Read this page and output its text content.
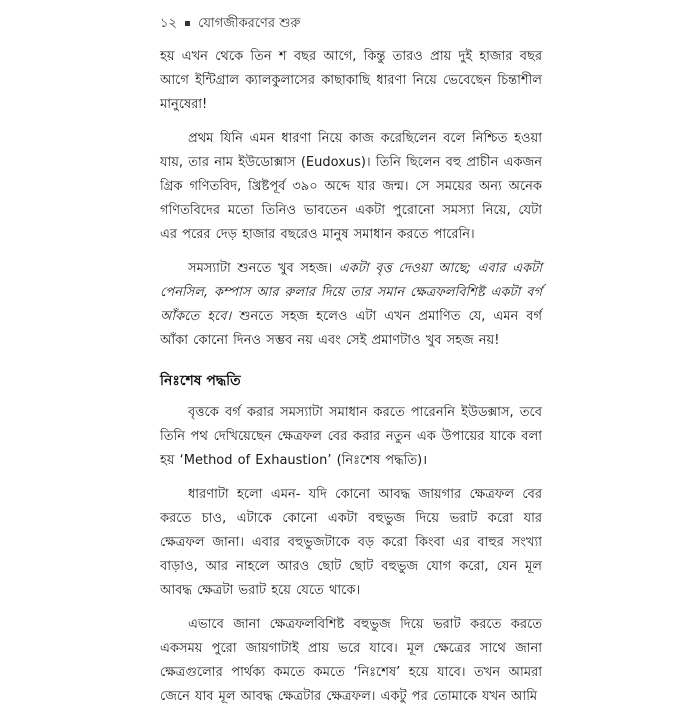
১২ যোগজীকরণের শুরু

হয় এখন থেকে তিন শ বছর আগে, কিন্তু তারও প্রায় দুই হাজার বছর আগে ইন্টিগ্রাল ক্যালকুলাসের কাছাকাছি ধারণা নিয়ে ভেবেছেন চিন্তাশীল মানুষেরা!

প্রথম যিনি এমন ধারণা নিয়ে কাজ করেছিলেন বলে নিশ্চিত হওয়া যায়, তার নাম ইউডোক্সাস (Eudoxus)। তিনি ছিলেন বহু প্রাচীন একজন গ্রিক গণিতবিদ, খ্রিষ্টপূর্ব ৩৯০ অব্দে যার জন্ম। সে সময়ের অন্য অনেক গণিতবিদের মতো তিনিও ভাবতেন একটা পুরোনো সমস্যা নিয়ে, যেটা এর পরের দেড় হাজার বছরেও মানুষ সমাধান করতে পারেনি।

সমস্যাটা শুনতে খুব সহজ। একটা বৃত্ত দেওয়া আছে; এবার একটা পেনসিল, কম্পাস আর রুলার দিয়ে তার সমান ক্ষেত্রফলবিশিষ্ট একটা বর্গ আঁকতে হবে। শুনতে সহজ হলেও এটা এখন প্রমাণিত যে, এমন বর্গ আঁকা কোনো দিনও সম্ভব নয় এবং সেই প্রমাণটাও খুব সহজ নয়!

নিঃশেষ পদ্ধতি

বৃত্তকে বর্গ করার সমস্যাটা সমাধান করতে পারেননি ইউডক্সাস, তবে তিনি পথ দেখিয়েছেন ক্ষেত্রফল বের করার নতুন এক উপায়ের যাকে বলা হয় ‘Method of Exhaustion’ (নিঃশেষ পদ্ধতি)।

ধারণাটা হলো এমন- যদি কোনো আবদ্ধ জায়গার ক্ষেত্রফল বের করতে চাও, এটাকে কোনো একটা বহুভুজ দিয়ে ভরাট করো যার ক্ষেত্রফল জানা। এবার বহুভুজটাকে বড় করো কিংবা এর বাহুর সংখ্যা বাড়াও, আর নাহলে আরও ছোট ছোট বহুভুজ যোগ করো, যেন মূল আবদ্ধ ক্ষেত্রটা ভরাট হয়ে যেতে থাকে।

এভাবে জানা ক্ষেত্রফলবিশিষ্ট বহুভুজ দিয়ে ভরাট করতে করতে একসময় পুরো জায়গাটাই প্রায় ভরে যাবে। মূল ক্ষেত্রের সাথে জানা ক্ষেত্রগুলোর পার্থক্য কমতে কমতে ‘নিঃশেষ’ হয়ে যাবে। তখন আমরা জেনে যাব মূল আবদ্ধ ক্ষেত্রটার ক্ষেত্রফল। একটু পর তোমাকে যখন আমি
